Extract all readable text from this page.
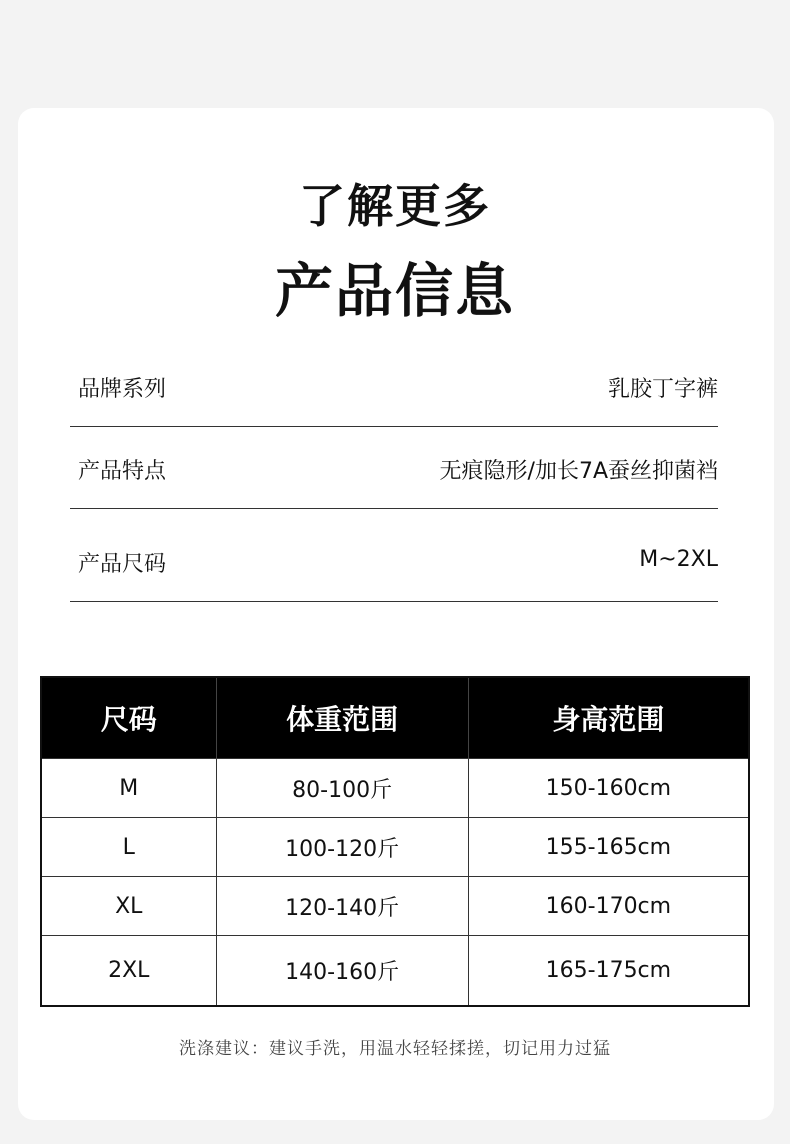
了解更多
产品信息
品牌系列	乳胶丁字裤
产品特点	无痕隐形/加长7A蚕丝抑菌裆
产品尺码	M~2XL
尺码	体重范围	身高范围
M	80-100斤	150-160cm
L	100-120斤	155-165cm
XL	120-140斤	160-170cm
2XL	140-160斤	165-175cm
洗涤建议：建议手洗，用温水轻轻揉搓，切记用力过猛
